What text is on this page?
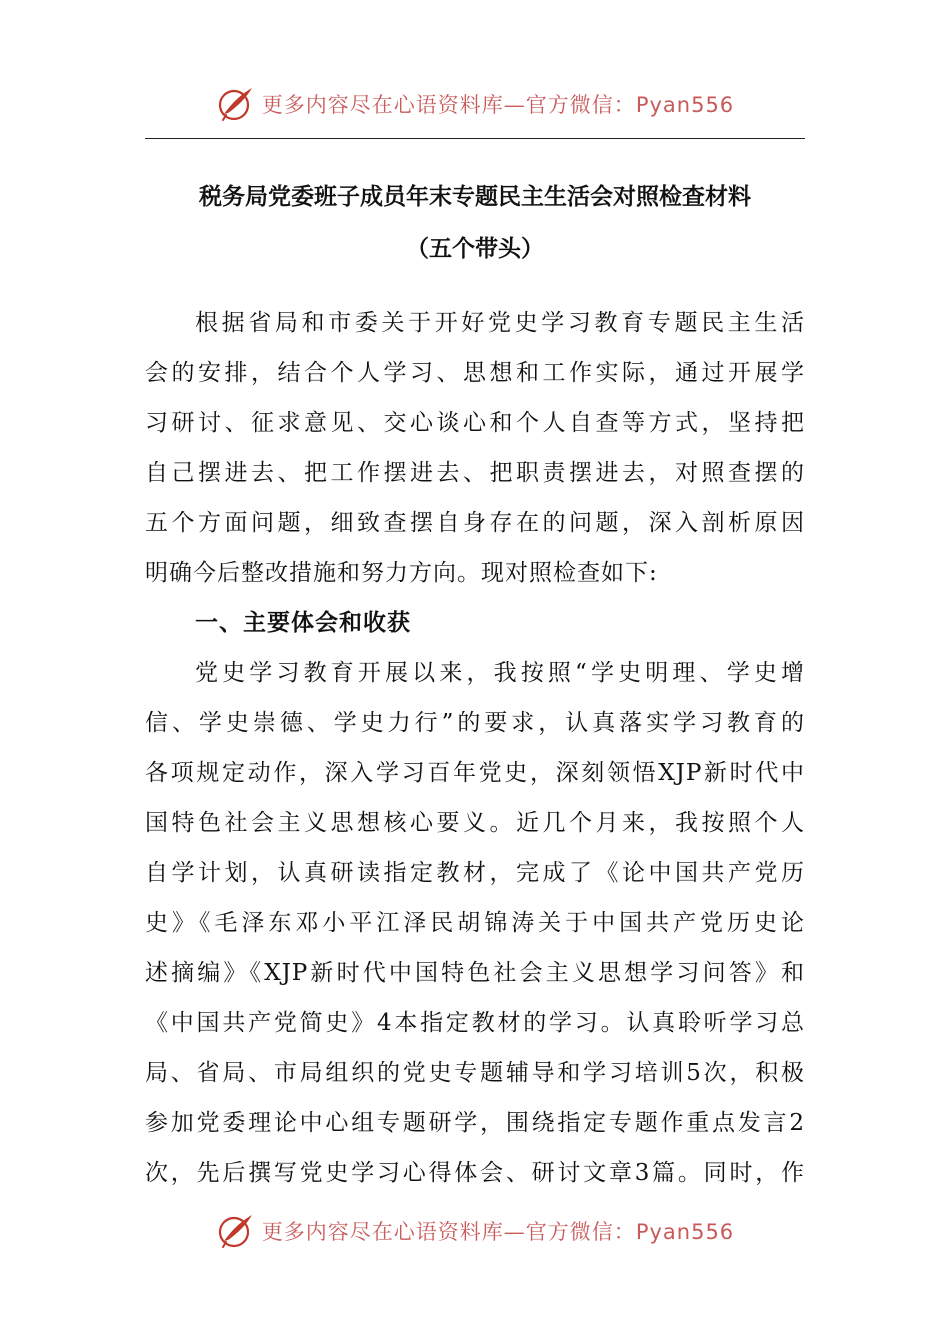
更多内容尽在心语资料库—官方微信：Pyan556
税务局党委班子成员年末专题民主生活会对照检查材料
（五个带头）
根据省局和市委关于开好党史学习教育专题民主生活
会的安排，结合个人学习、思想和工作实际，通过开展学
习研讨、征求意见、交心谈心和个人自查等方式，坚持把
自己摆进去、把工作摆进去、把职责摆进去，对照查摆的
五个方面问题，细致查摆自身存在的问题，深入剖析原因
明确今后整改措施和努力方向。现对照检查如下:
一、主要体会和收获
党史学习教育开展以来，我按照“学史明理、学史增
信、学史崇德、学史力行”的要求，认真落实学习教育的
各项规定动作，深入学习百年党史，深刻领悟XJP新时代中
国特色社会主义思想核心要义。近几个月来，我按照个人
自学计划，认真研读指定教材，完成了《论中国共产党历
史》《毛泽东邓小平江泽民胡锦涛关于中国共产党历史论
述摘编》《XJP新时代中国特色社会主义思想学习问答》和
《中国共产党简史》4本指定教材的学习。认真聆听学习总
局、省局、市局组织的党史专题辅导和学习培训5次，积极
参加党委理论中心组专题研学，围绕指定专题作重点发言2
次，先后撰写党史学习心得体会、研讨文章3篇。同时，作
更多内容尽在心语资料库—官方微信：Pyan556
